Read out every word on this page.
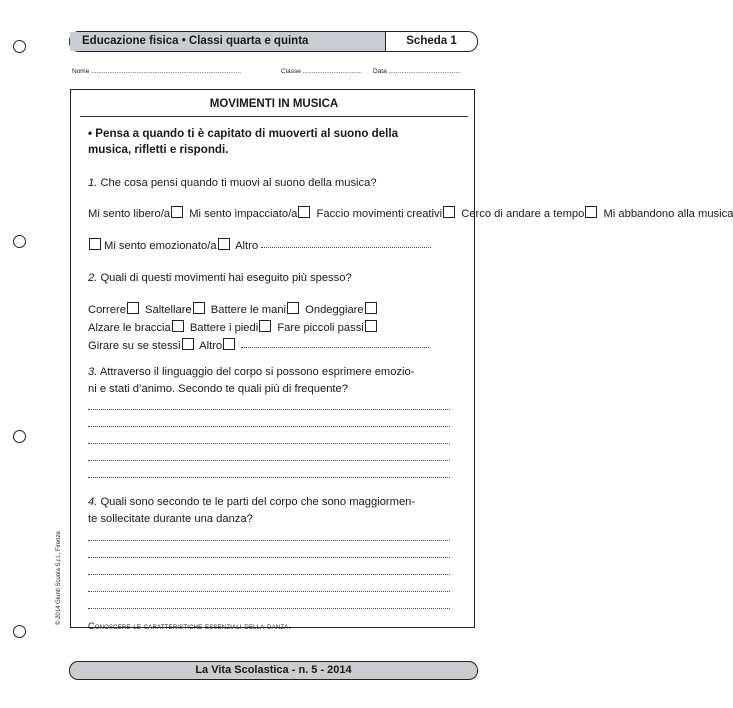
Educazione fisica • Classi quarta e quinta	Scheda 1
Nome ...................................................................................	Classe ................................. Data ........................................
MOVIMENTI IN MUSICA
• Pensa a quando ti è capitato di muoverti al suono della
musica, rifletti e rispondi.
1. Che cosa pensi quando ti muovi al suono della musica?
Mi sento libero/a Mi sento impacciato/a Faccio movimenti creativi Cerco di andare a tempo Mi abbandono alla musica
Mi sento emozionato/a Altro
2. Quali di questi movimenti hai eseguito più spesso?
Correre Saltellare Battere le mani Ondeggiare
Alzare le braccia Battere i piedi Fare piccoli passi
Girare su se stessi Altro
3. Attraverso il linguaggio del corpo si possono esprimere emozio-
ni e stati d’animo. Secondo te quali più di frequente?
4. Quali sono secondo te le parti del corpo che sono maggiormen-
te sollecitate durante una danza?
Conoscere le caratteristiche essenziali della danza.
© 2014 Giunti Scuola S.r.l., Firenze
La Vita Scolastica - n. 5 - 2014
